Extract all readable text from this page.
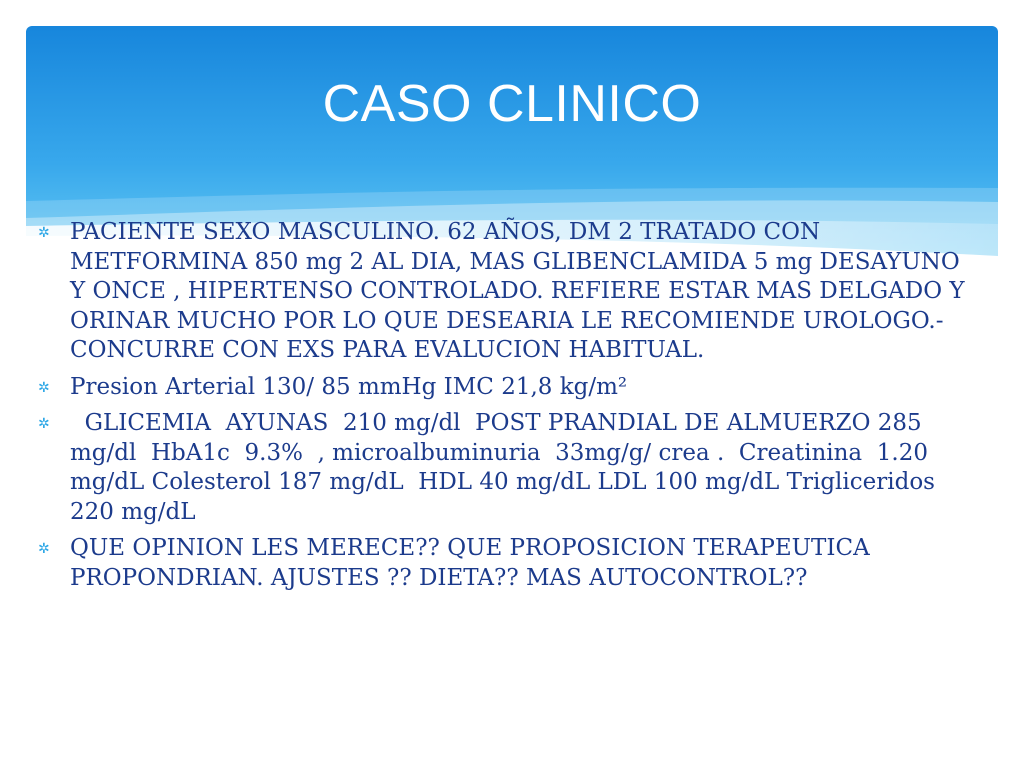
CASO CLINICO
✲ PACIENTE SEXO MASCULINO. 62 AÑOS, DM 2 TRATADO CON METFORMINA 850 mg 2 AL DIA, MAS GLIBENCLAMIDA 5 mg DESAYUNO Y ONCE , HIPERTENSO CONTROLADO. REFIERE ESTAR MAS DELGADO Y ORINAR MUCHO POR LO QUE DESEARIA LE RECOMIENDE UROLOGO.- CONCURRE CON EXS PARA EVALUCION HABITUAL.
✲ Presion Arterial 130/ 85 mmHg IMC 21,8 kg/m²
✲ GLICEMIA  AYUNAS  210 mg/dl  POST PRANDIAL DE ALMUERZO 285 mg/dl  HbA1c  9.3%  , microalbuminuria  33mg/g/ crea .  Creatinina  1.20 mg/dL Colesterol 187 mg/dL  HDL 40 mg/dL LDL 100 mg/dL Trigliceridos  220 mg/dL
✲ QUE OPINION LES MERECE?? QUE PROPOSICION TERAPEUTICA PROPONDRIAN. AJUSTES ?? DIETA?? MAS AUTOCONTROL??
